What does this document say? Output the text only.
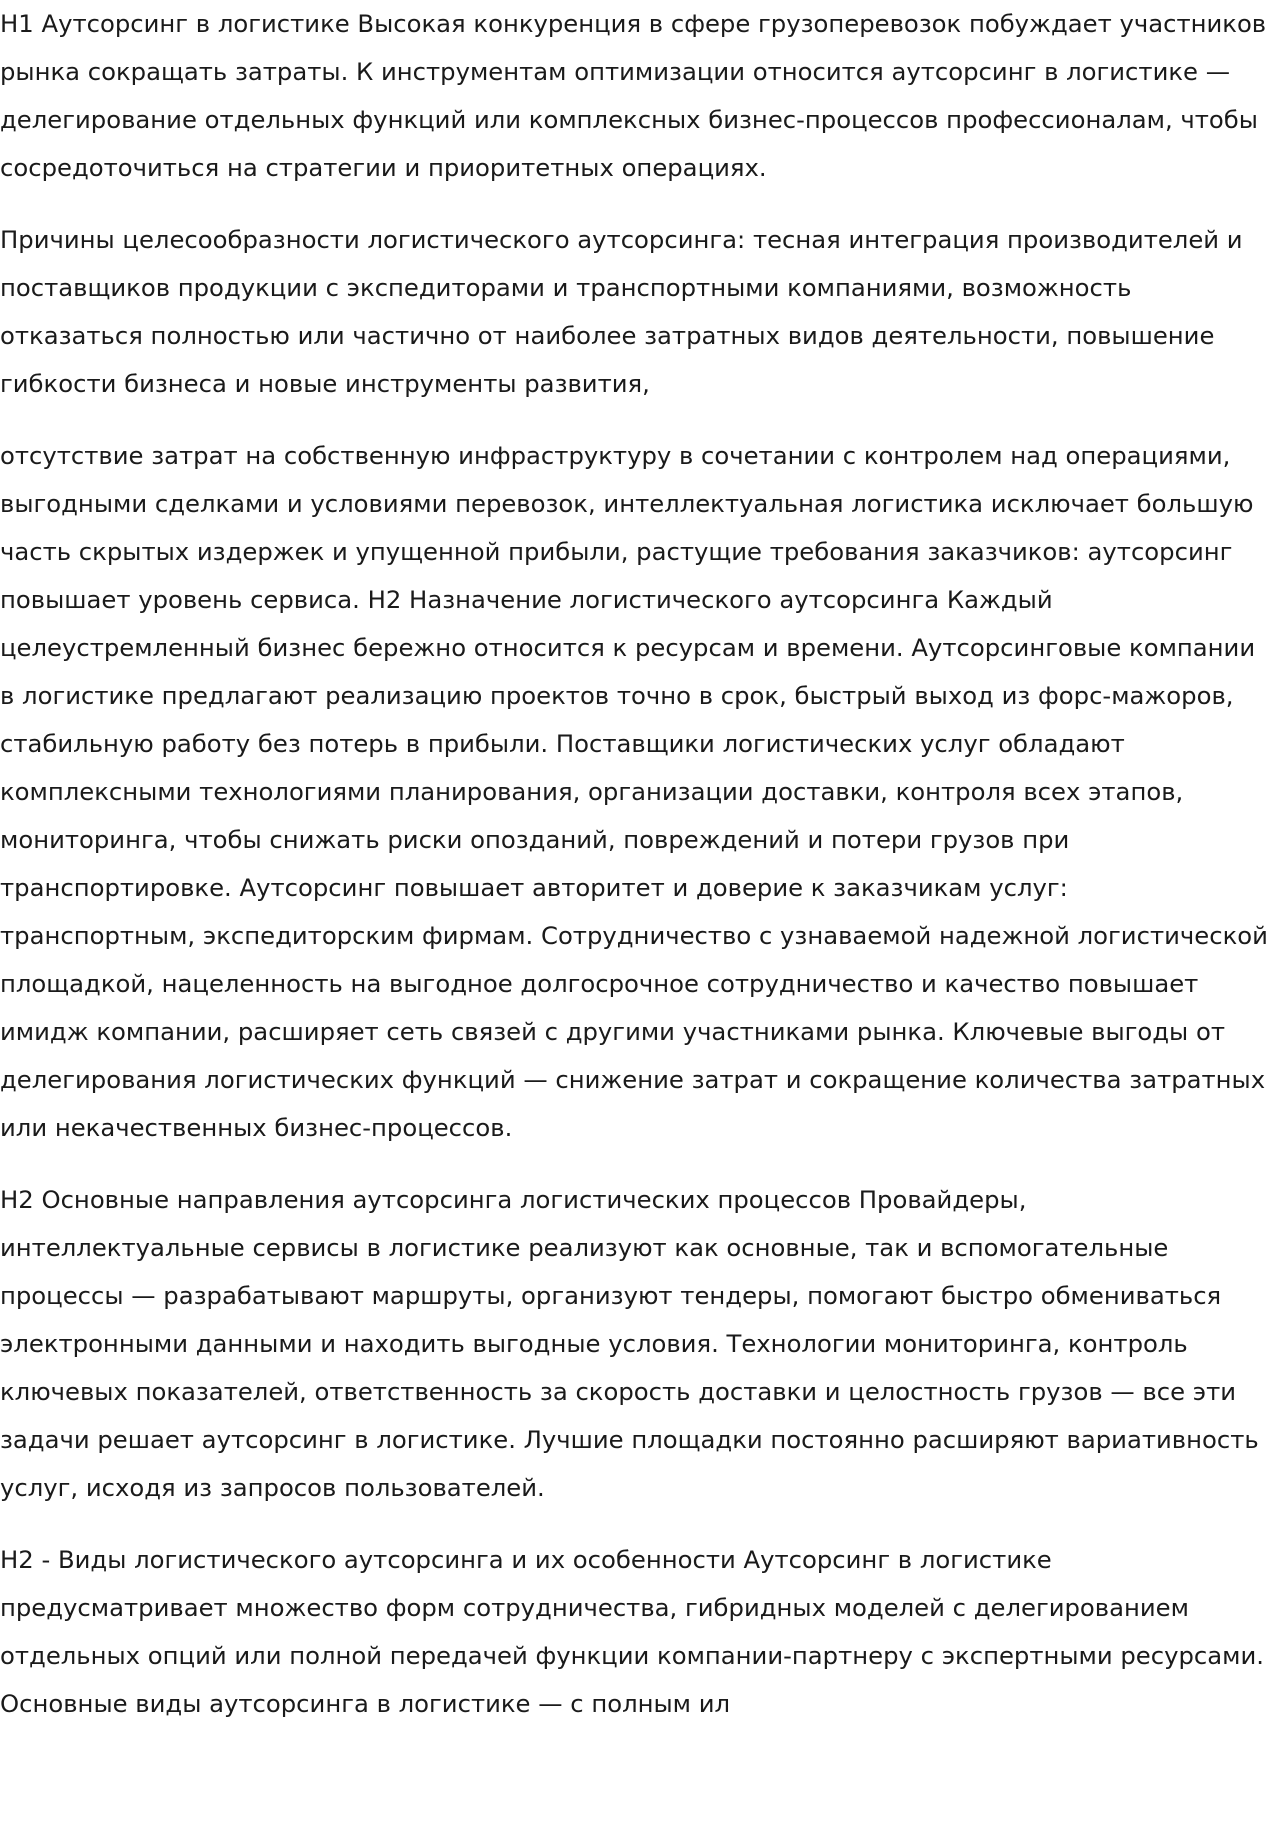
H1 Аутсорсинг в логистике Высокая конкуренция в сфере грузоперевозок побуждает участников рынка сокращать затраты. К инструментам оптимизации относится аутсорсинг в логистике — делегирование отдельных функций или комплексных бизнес-процессов профессионалам, чтобы сосредоточиться на стратегии и приоритетных операциях.

Причины целесообразности логистического аутсорсинга: тесная интеграция производителей и поставщиков продукции с экспедиторами и транспортными компаниями, возможность отказаться полностью или частично от наиболее затратных видов деятельности, повышение гибкости бизнеса и новые инструменты развития,

отсутствие затрат на собственную инфраструктуру в сочетании с контролем над операциями, выгодными сделками и условиями перевозок, интеллектуальная логистика исключает большую часть скрытых издержек и упущенной прибыли, растущие требования заказчиков: аутсорсинг повышает уровень сервиса. H2 Назначение логистического аутсорсинга Каждый целеустремленный бизнес бережно относится к ресурсам и времени. Аутсорсинговые компании в логистике предлагают реализацию проектов точно в срок, быстрый выход из форс-мажоров, стабильную работу без потерь в прибыли. Поставщики логистических услуг обладают комплексными технологиями планирования, организации доставки, контроля всех этапов, мониторинга, чтобы снижать риски опозданий, повреждений и потери грузов при транспортировке. Аутсорсинг повышает авторитет и доверие к заказчикам услуг: транспортным, экспедиторским фирмам. Сотрудничество с узнаваемой надежной логистической площадкой, нацеленность на выгодное долгосрочное сотрудничество и качество повышает имидж компании, расширяет сеть связей с другими участниками рынка. Ключевые выгоды от делегирования логистических функций — снижение затрат и сокращение количества затратных или некачественных бизнес-процессов.

H2 Основные направления аутсорсинга логистических процессов Провайдеры, интеллектуальные сервисы в логистике реализуют как основные, так и вспомогательные процессы — разрабатывают маршруты, организуют тендеры, помогают быстро обмениваться электронными данными и находить выгодные условия. Технологии мониторинга, контроль ключевых показателей, ответственность за скорость доставки и целостность грузов — все эти задачи решает аутсорсинг в логистике. Лучшие площадки постоянно расширяют вариативность услуг, исходя из запросов пользователей.

H2 - Виды логистического аутсорсинга и их особенности Аутсорсинг в логистике предусматривает множество форм сотрудничества, гибридных моделей с делегированием отдельных опций или полной передачей функции компании-партнеру с экспертными ресурсами. Основные виды аутсорсинга в логистике — с полным ил
